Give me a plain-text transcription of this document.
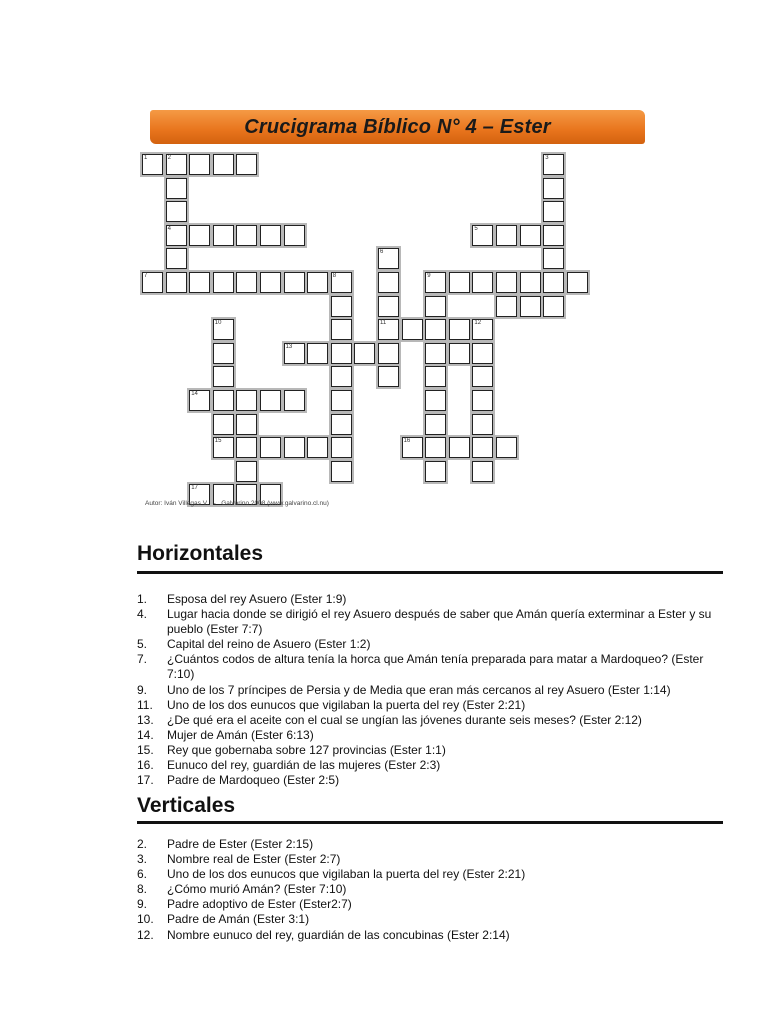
Crucigrama Bíblico N° 4 – Ester
1	2
4
3
5
6
11
7	8	9
10	12
13
14
15	16
17
Autor: Iván Villegas V.   -   Galvarino 2008 (www.galvarino.cl.nu)
Horizontales
1.	Esposa del rey Asuero (Ester 1:9)
4.	Lugar hacia donde se dirigió el rey Asuero después de saber que Amán quería exterminar a Ester y su pueblo (Ester 7:7)
5.	Capital del reino de Asuero (Ester 1:2)
7.	¿Cuántos codos de altura tenía la horca que Amán tenía preparada para matar a Mardoqueo? (Ester 7:10)
9.	Uno de los 7 príncipes de Persia y de Media que eran más cercanos al rey Asuero (Ester 1:14)
11.	Uno de los dos eunucos que vigilaban la puerta del rey (Ester 2:21)
13.	¿De qué era el aceite con el cual se ungían las jóvenes durante seis meses? (Ester 2:12)
14.	Mujer de Amán (Ester 6:13)
15.	Rey que gobernaba sobre 127 provincias (Ester 1:1)
16.	Eunuco del rey, guardián de las mujeres (Ester 2:3)
17.	Padre de Mardoqueo (Ester 2:5)
Verticales
2.	Padre de Ester (Ester 2:15)
3.	Nombre real de Ester (Ester 2:7)
6.	Uno de los dos eunucos que vigilaban la puerta del rey (Ester 2:21)
8.	¿Cómo murió Amán? (Ester 7:10)
9.	Padre adoptivo de Ester (Ester2:7)
10.	Padre de Amán (Ester 3:1)
12.	Nombre eunuco del rey, guardián de las concubinas (Ester 2:14)
